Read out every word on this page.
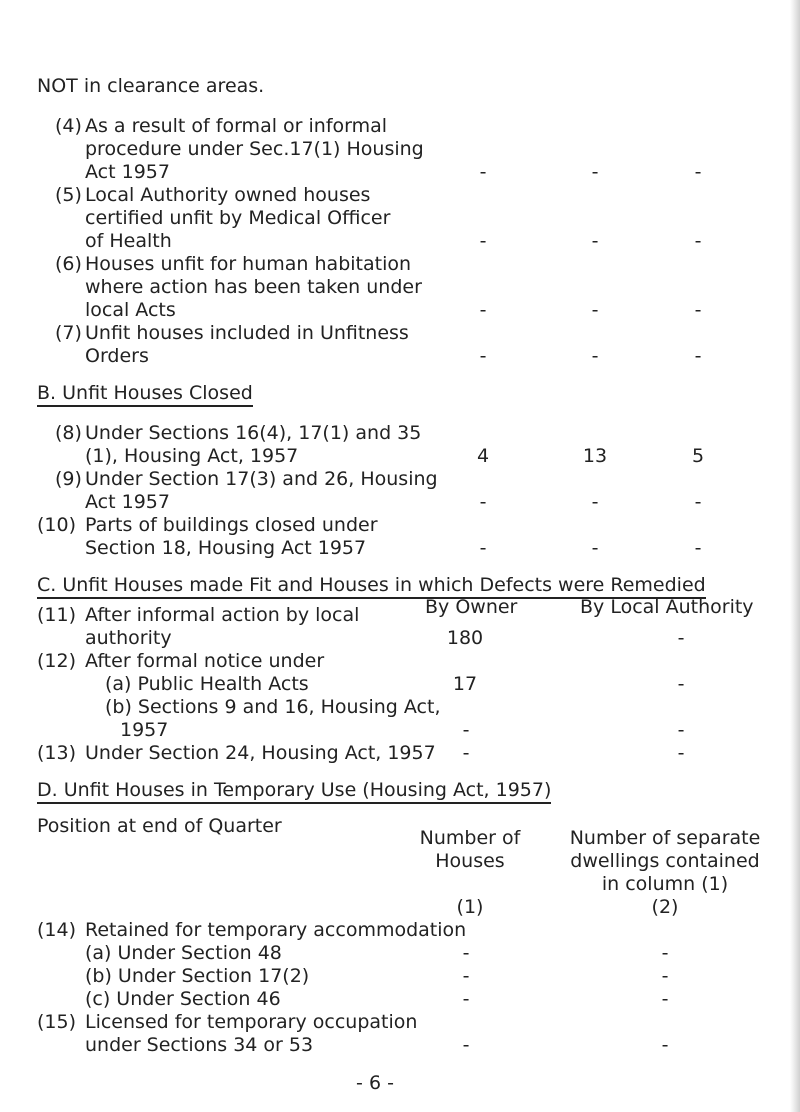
NOT in clearance areas.
(4) As a result of formal or informal
procedure under Sec.17(1) Housing
Act 1957	-	-	-
(5) Local Authority owned houses
certified unfit by Medical Officer
of Health	-	-	-
(6) Houses unfit for human habitation
where action has been taken under
local Acts	-	-	-
(7) Unfit houses included in Unfitness
Orders	-	-	-
B. Unfit Houses Closed
(8) Under Sections 16(4), 17(1) and 35
(1), Housing Act, 1957	4	13	5
(9) Under Section 17(3) and 26, Housing
Act 1957	-	-	-
(10) Parts of buildings closed under
Section 18, Housing Act 1957	-	-	-
C. Unfit Houses made Fit and Houses in which Defects were Remedied
By Owner	By Local Authority
(11) After informal action by local
authority	180	-
(12) After formal notice under
(a) Public Health Acts	17	-
(b) Sections 9 and 16, Housing Act,
1957	-	-
(13) Under Section 24, Housing Act, 1957	-	-
D. Unfit Houses in Temporary Use (Housing Act, 1957)
Position at end of Quarter
Number of
Houses
Number of separate
dwellings contained
in column (1)
(1)	(2)
(14) Retained for temporary accommodation
(a) Under Section 48	-	-
(b) Under Section 17(2)	-	-
(c) Under Section 46	-	-
(15) Licensed for temporary occupation
under Sections 34 or 53	-	-
- 6 -
